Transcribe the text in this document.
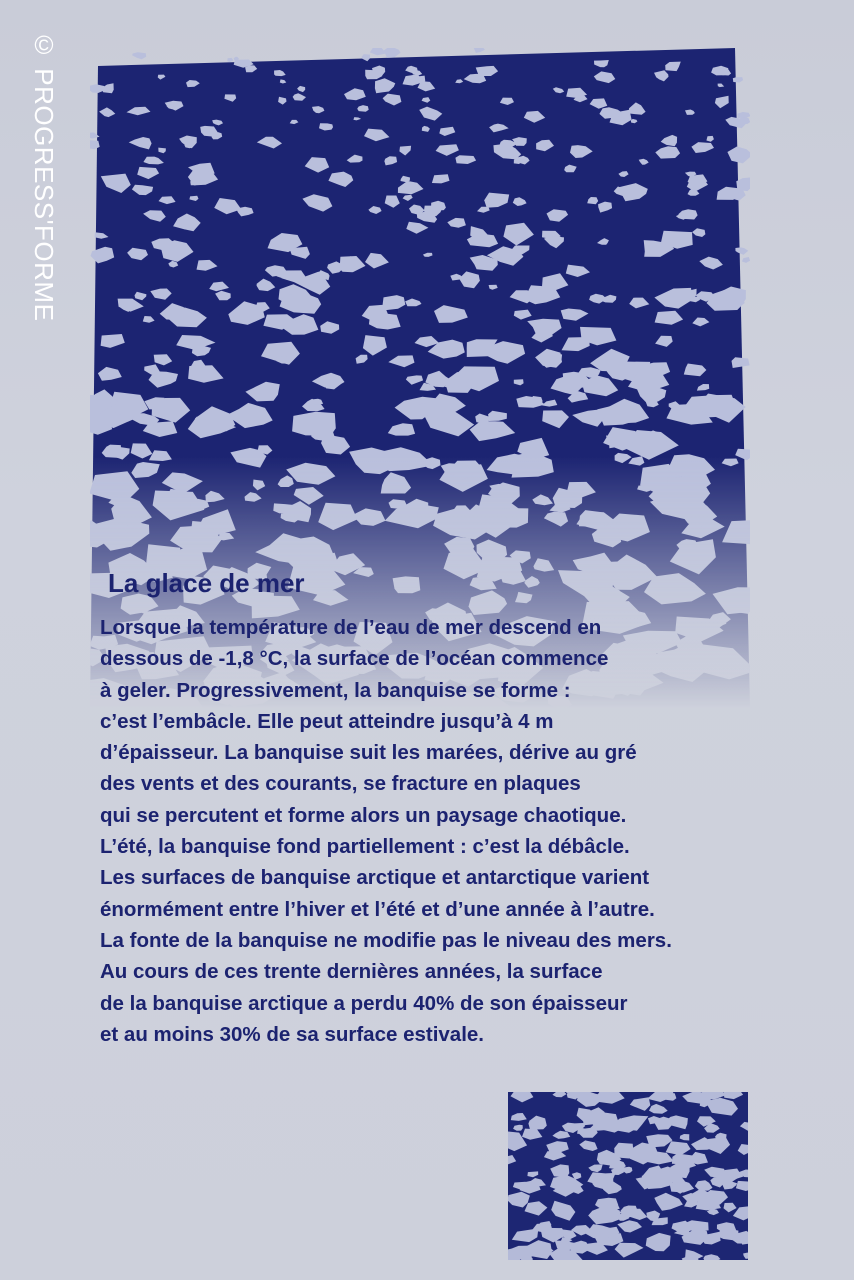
© PROGRESS'FORME
La glace de mer
Lorsque la température de l’eau de mer descend en
dessous de -1,8 °C, la surface de l’océan commence
à geler. Progressivement, la banquise se forme :
c’est l’embâcle. Elle peut atteindre jusqu’à 4 m
d’épaisseur. La banquise suit les marées, dérive au gré
des vents et des courants, se fracture en plaques
qui se percutent et forme alors un paysage chaotique.
L’été, la banquise fond partiellement : c’est la débâcle.
Les surfaces de banquise arctique et antarctique varient
énormément entre l’hiver et l’été et d’une année à l’autre.
La fonte de la banquise ne modifie pas le niveau des mers.
Au cours de ces trente dernières années, la surface
de la banquise arctique a perdu 40% de son épaisseur
et au moins 30% de sa surface estivale.
